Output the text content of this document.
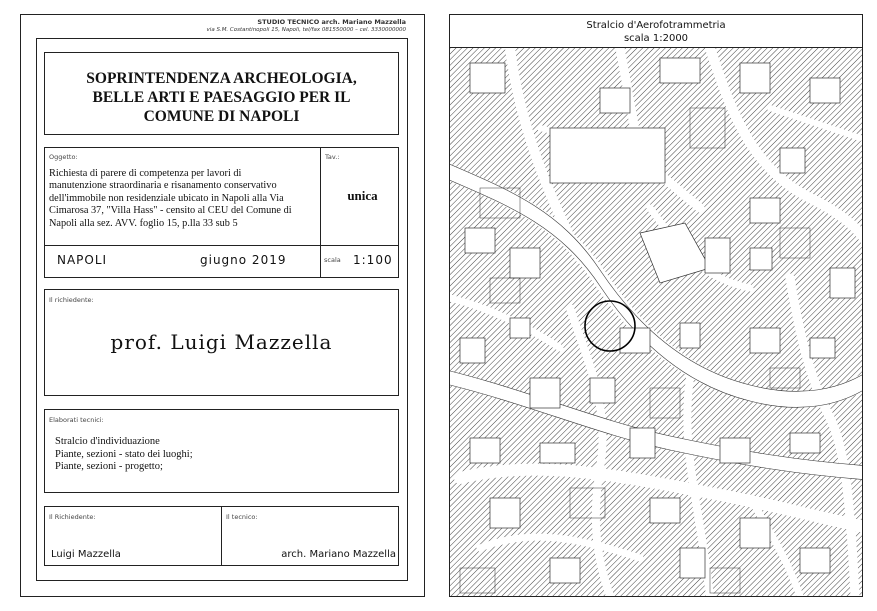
STUDIO TECNICO arch. Mariano Mazzella
via S.M. Costantinopoli 15, Napoli, tel/fax 081550000 – cel. 3330000000
SOPRINTENDENZA ARCHEOLOGIA,
BELLE ARTI E PAESAGGIO PER IL
COMUNE DI NAPOLI
Oggetto:
Richiesta di parere di competenza per lavori di
manutenzione straordinaria e risanamento conservativo
dell'immobile non residenziale ubicato in Napoli alla Via
Cimarosa 37, "Villa Hass" - censito al CEU del Comune di
Napoli alla sez. AVV. foglio 15, p.lla 33 sub 5
Tav.:
unica
NAPOLI	giugno 2019	scala 1:100
Il richiedente:
prof. Luigi Mazzella
Elaborati tecnici:
Stralcio d'individuazione
Piante, sezioni - stato dei luoghi;
Piante, sezioni - progetto;
Il Richiedente:
Luigi Mazzella
Il tecnico:
arch. Mariano Mazzella
Stralcio d'Aerofotrammetria
scala 1:2000
